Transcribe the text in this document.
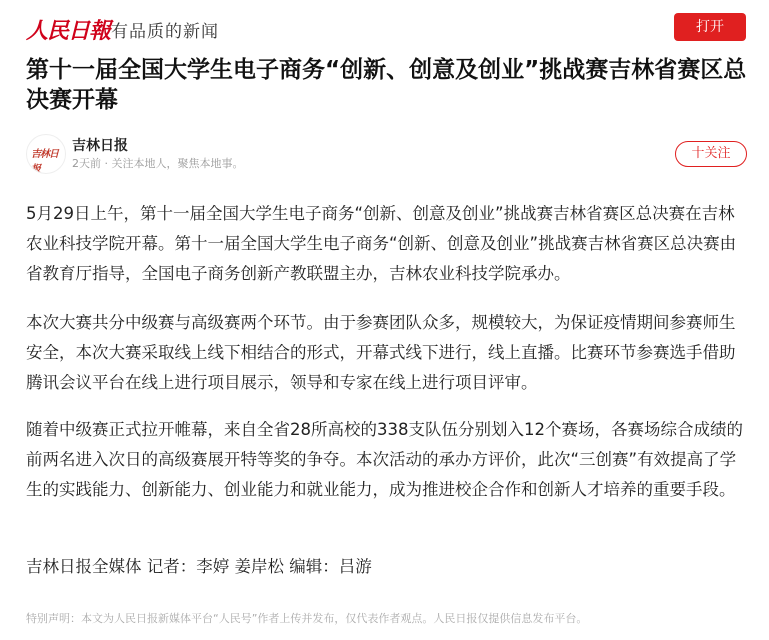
人民日報 有品质的新闻	打开
第十一届全国大学生电子商务“创新、创意及创业”挑战赛吉林省赛区总决赛开幕
吉林日报
吉林日报
2天前 · 关注本地人，聚焦本地事。
十关注

5月29日上午，第十一届全国大学生电子商务“创新、创意及创业”挑战赛吉林省赛区总决赛在吉林农业科技学院开幕。第十一届全国大学生电子商务“创新、创意及创业”挑战赛吉林省赛区总决赛由省教育厅指导，全国电子商务创新产教联盟主办，吉林农业科技学院承办。

本次大赛共分中级赛与高级赛两个环节。由于参赛团队众多，规模较大，为保证疫情期间参赛师生安全，本次大赛采取线上线下相结合的形式，开幕式线下进行，线上直播。比赛环节参赛选手借助腾讯会议平台在线上进行项目展示，领导和专家在线上进行项目评审。

随着中级赛正式拉开帷幕，来自全省28所高校的338支队伍分别划入12个赛场，各赛场综合成绩的前两名进入次日的高级赛展开特等奖的争夺。本次活动的承办方评价，此次“三创赛”有效提高了学生的实践能力、创新能力、创业能力和就业能力，成为推进校企合作和创新人才培养的重要手段。

吉林日报全媒体 记者：李婷 姜岸松 编辑：吕游

特别声明：本文为人民日报新媒体平台“人民号”作者上传并发布，仅代表作者观点。人民日报仅提供信息发布平台。
